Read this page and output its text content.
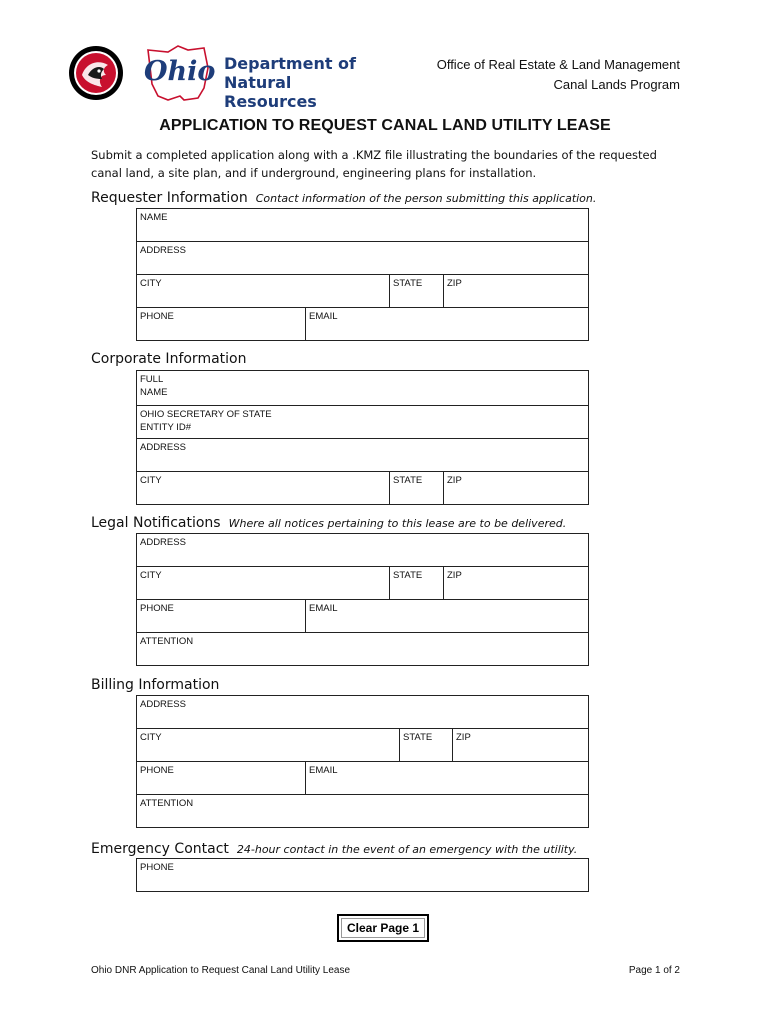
Ohio Department of
Natural Resources
Office of Real Estate & Land Management
Canal Lands Program
APPLICATION TO REQUEST CANAL LAND UTILITY LEASE
Submit a completed application along with a .KMZ file illustrating the boundaries of the requested
canal land, a site plan, and if underground, engineering plans for installation.
Requester Information Contact information of the person submitting this application.
NAME
ADDRESS
CITY	STATE	ZIP
PHONE	EMAIL
Corporate Information
FULL
NAME
OHIO SECRETARY OF STATE
ENTITY ID#
ADDRESS
CITY	STATE	ZIP
Legal Notifications Where all notices pertaining to this lease are to be delivered.
ADDRESS
CITY	STATE	ZIP
PHONE	EMAIL
ATTENTION
Billing Information
ADDRESS
CITY	STATE	ZIP
PHONE	EMAIL
ATTENTION
Emergency Contact 24-hour contact in the event of an emergency with the utility.
PHONE
Clear Page 1
Ohio DNR Application to Request Canal Land Utility Lease	Page 1 of 2
